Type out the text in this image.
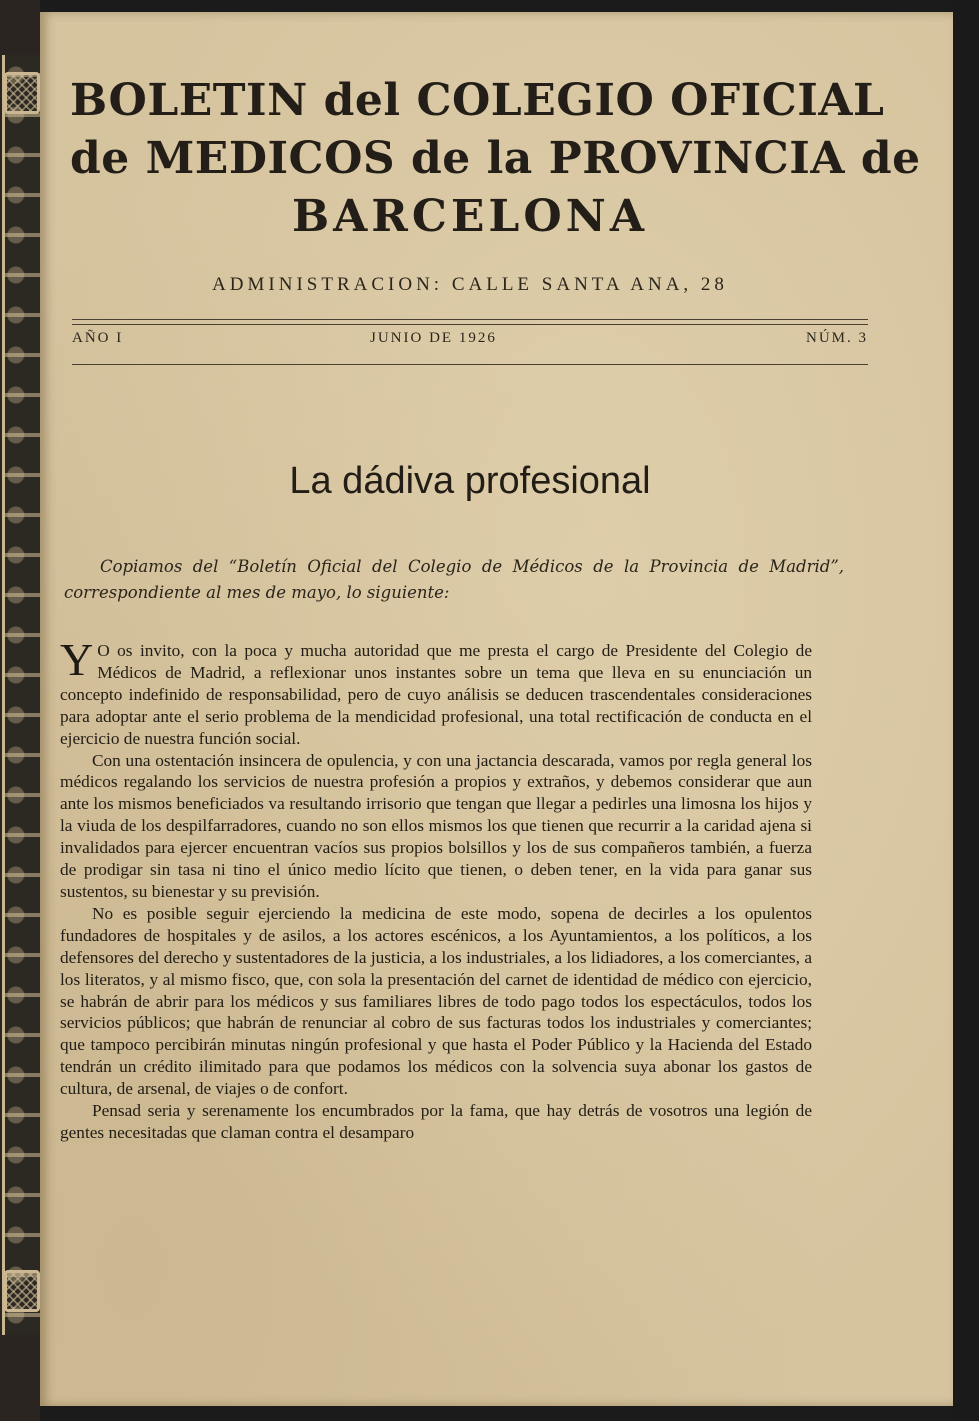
BOLETIN del COLEGIO OFICIAL
de MEDICOS de la PROVINCIA de
BARCELONA
ADMINISTRACION: CALLE SANTA ANA, 28
AÑO I	JUNIO DE 1926	NÚM. 3
La dádiva profesional
Copiamos del “Boletín Oficial del Colegio de Médicos de la Provincia de Madrid”, correspondiente al mes de mayo, lo siguiente:

Y O os invito, con la poca y mucha autoridad que me presta el cargo de Presidente del Colegio de Médicos de Madrid, a reflexionar unos instantes sobre un tema que lleva en su enunciación un concepto indefinido de responsabilidad, pero de cuyo análisis se deducen trascendentales consideraciones para adoptar ante el serio problema de la mendicidad profesional, una total rectificación de conducta en el ejercicio de nuestra función social.

Con una ostentación insincera de opulencia, y con una jactancia descarada, vamos por regla general los médicos regalando los servicios de nuestra profesión a propios y extraños, y debemos considerar que aun ante los mismos beneficiados va resultando irrisorio que tengan que llegar a pedirles una limosna los hijos y la viuda de los despilfarradores, cuando no son ellos mismos los que tienen que recurrir a la caridad ajena si invalidados para ejercer encuentran vacíos sus propios bolsillos y los de sus compañeros también, a fuerza de prodigar sin tasa ni tino el único medio lícito que tienen, o deben tener, en la vida para ganar sus sustentos, su bienestar y su previsión.

No es posible seguir ejerciendo la medicina de este modo, sopena de decirles a los opulentos fundadores de hospitales y de asilos, a los actores escénicos, a los Ayuntamientos, a los políticos, a los defensores del derecho y sustentadores de la justicia, a los industriales, a los lidiadores, a los comerciantes, a los literatos, y al mismo fisco, que, con sola la presentación del carnet de identidad de médico con ejercicio, se habrán de abrir para los médicos y sus familiares libres de todo pago todos los espectáculos, todos los servicios públicos; que habrán de renunciar al cobro de sus facturas todos los industriales y comerciantes; que tampoco percibirán minutas ningún profesional y que hasta el Poder Público y la Hacienda del Estado tendrán un crédito ilimitado para que podamos los médicos con la solvencia suya abonar los gastos de cultura, de arsenal, de viajes o de confort.

Pensad seria y serenamente los encumbrados por la fama, que hay detrás de vosotros una legión de gentes necesitadas que claman contra el desamparo
